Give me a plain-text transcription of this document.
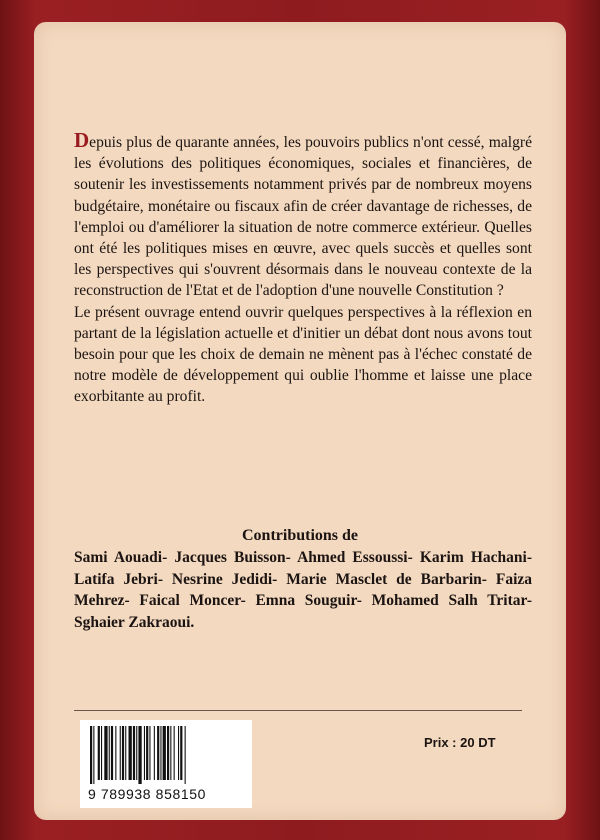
Depuis plus de quarante années, les pouvoirs publics n'ont cessé, malgré les évolutions des politiques économiques, sociales et financières, de soutenir les investissements notamment privés par de nombreux moyens budgétaire, monétaire ou fiscaux afin de créer davantage de richesses, de l'emploi ou d'améliorer la situation de notre commerce extérieur. Quelles ont été les politiques mises en œuvre, avec quels succès et quelles sont les perspectives qui s'ouvrent désormais dans le nouveau contexte de la reconstruction de l'Etat et de l'adoption d'une nouvelle Constitution ?

Le présent ouvrage entend ouvrir quelques perspectives à la réflexion en partant de la législation actuelle et d'initier un débat dont nous avons tout besoin pour que les choix de demain ne mènent pas à l'échec constaté de notre modèle de développement qui oublie l'homme et laisse une place exorbitante au profit.

Contributions de

Sami Aouadi- Jacques Buisson- Ahmed Essoussi- Karim Hachani- Latifa Jebri- Nesrine Jedidi- Marie Masclet de Barbarin- Faiza Mehrez- Faical Moncer- Emna Souguir- Mohamed Salh Tritar- Sghaier Zakraoui.

9 789938 858150
Prix : 20 DT
